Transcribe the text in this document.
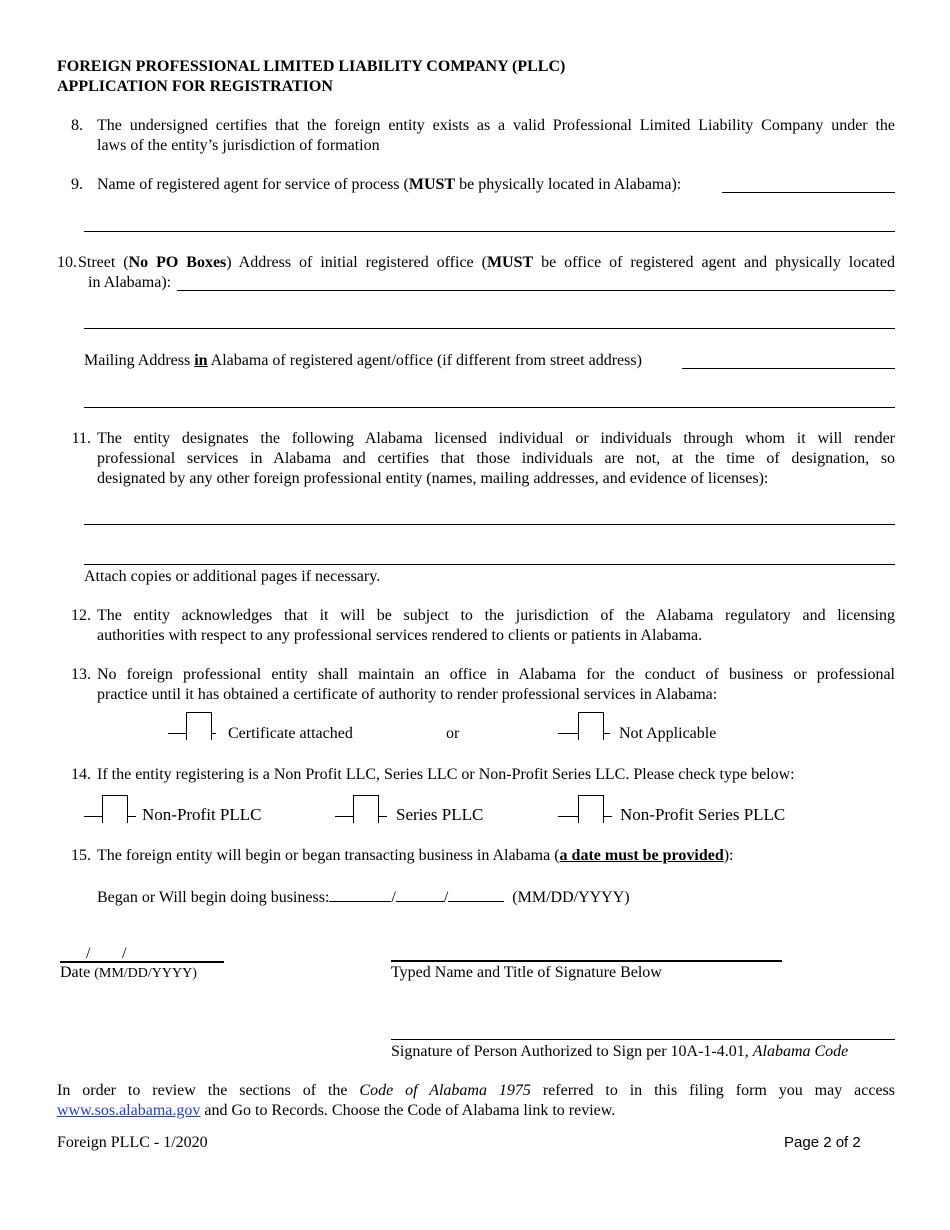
FOREIGN PROFESSIONAL LIMITED LIABILITY COMPANY (PLLC)
APPLICATION FOR REGISTRATION
8. The undersigned certifies that the foreign entity exists as a valid Professional Limited Liability Company under the
laws of the entity’s jurisdiction of formation
9. Name of registered agent for service of process (MUST be physically located in Alabama):
10. Street (No PO Boxes) Address of initial registered office (MUST be office of registered agent and physically located
in Alabama):
Mailing Address in Alabama of registered agent/office (if different from street address)
11. The entity designates the following Alabama licensed individual or individuals through whom it will render
professional services in Alabama and certifies that those individuals are not, at the time of designation, so
designated by any other foreign professional entity (names, mailing addresses, and evidence of licenses):
Attach copies or additional pages if necessary.
12. The entity acknowledges that it will be subject to the jurisdiction of the Alabama regulatory and licensing
authorities with respect to any professional services rendered to clients or patients in Alabama.
13. No foreign professional entity shall maintain an office in Alabama for the conduct of business or professional
practice until it has obtained a certificate of authority to render professional services in Alabama:
Certificate attached	or	Not Applicable
14. If the entity registering is a Non Profit LLC, Series LLC or Non-Profit Series LLC. Please check type below:
Non-Profit PLLC	Series PLLC	Non-Profit Series PLLC
15. The foreign entity will begin or began transacting business in Alabama (a date must be provided):
Began or Will begin doing business:	/	/	(MM/DD/YYYY)
/ /
Date (MM/DD/YYYY)	Typed Name and Title of Signature Below
Signature of Person Authorized to Sign per 10A-1-4.01, Alabama Code
In order to review the sections of the Code of Alabama 1975 referred to in this filing form you may access
www.sos.alabama.gov and Go to Records. Choose the Code of Alabama link to review.
Foreign PLLC - 1/2020	Page 2 of 2
